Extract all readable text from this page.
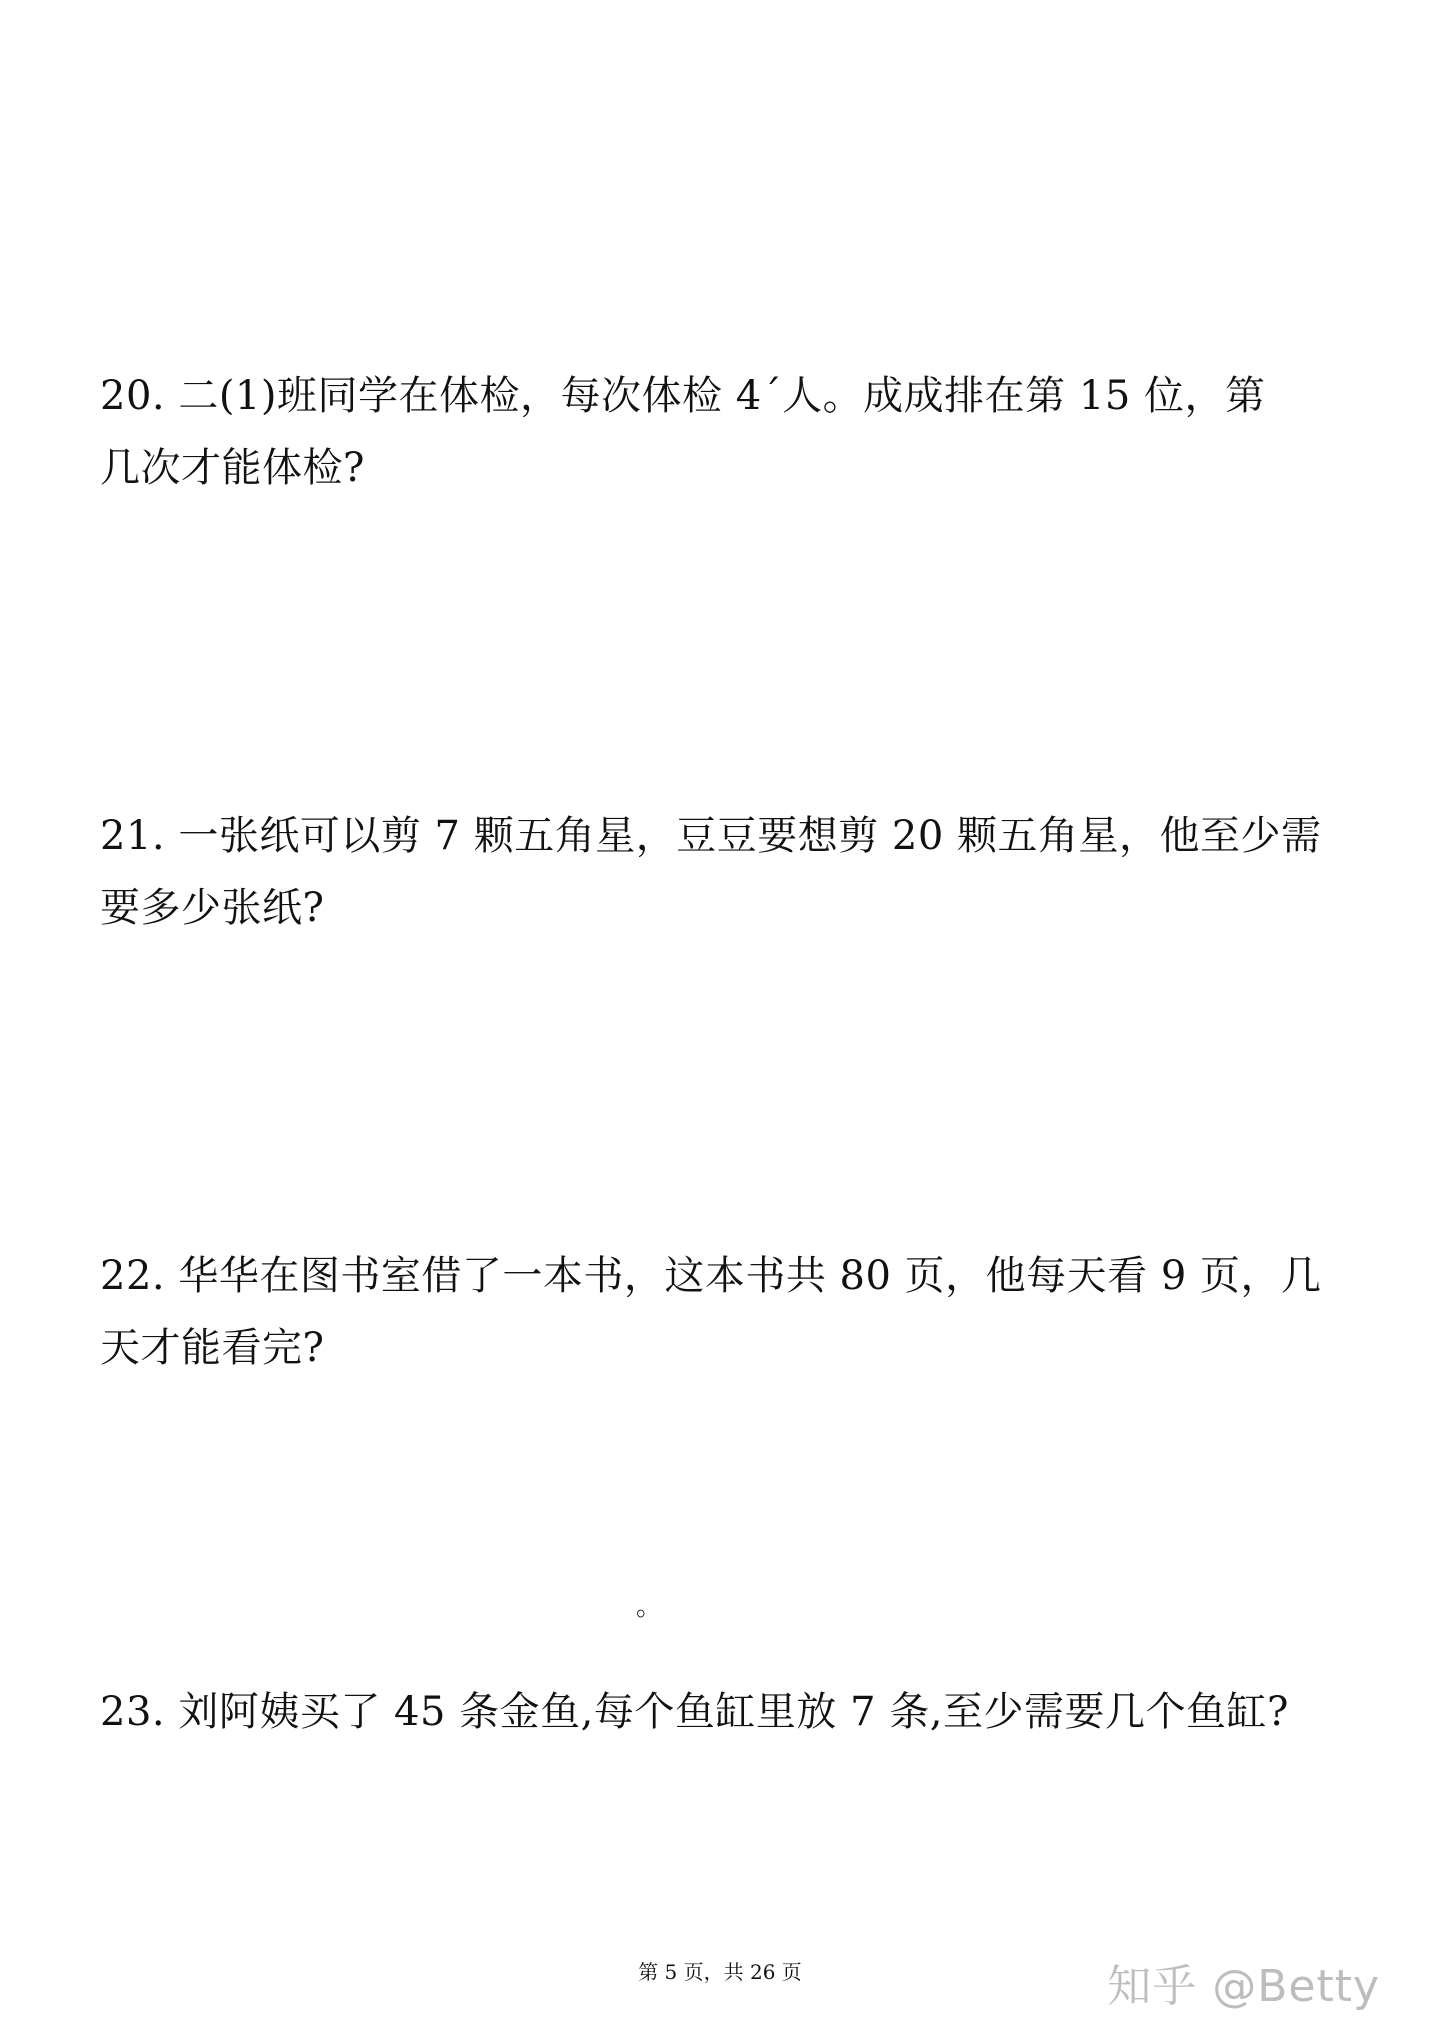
20. 二(1)班同学在体检，每次体检 4´人。成成排在第 15 位，第
几次才能体检?
21. 一张纸可以剪 7 颗五角星，豆豆要想剪 20 颗五角星，他至少需
要多少张纸?
22. 华华在图书室借了一本书，这本书共 80 页，他每天看 9 页，几
天才能看完?
。
23. 刘阿姨买了 45 条金鱼,每个鱼缸里放 7 条,至少需要几个鱼缸?
第 5 页，共 26 页	知乎 @Betty
